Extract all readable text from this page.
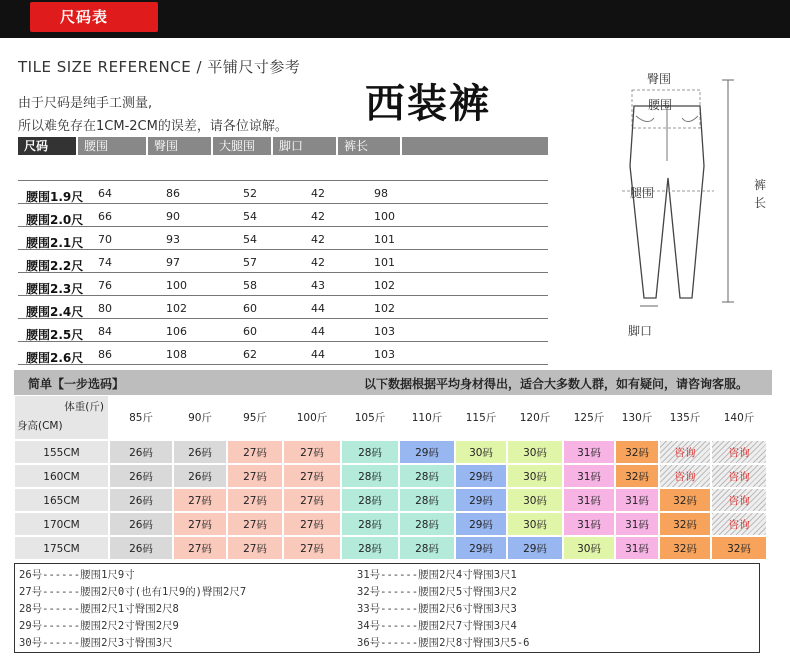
尺码表
TILE SIZE REFERENCE / 平铺尺寸参考
西装裤
由于尺码是纯手工测量,
所以难免存在1CM-2CM的误差，请各位谅解。
尺码	腰围	臀围	大腿围	脚口	裤长
腰围1.9尺 64	86	52	42	98
腰围2.0尺 66	90	54	42	100
腰围2.1尺 70	93	54	42	101
腰围2.2尺 74	97	57	42	101
腰围2.3尺 76	100	58	43	102
腰围2.4尺 80	102	60	44	102
腰围2.5尺 84	106	60	44	103
腰围2.6尺 86	108	62	44	103
臀围
腰围
腿围
裤长
脚口
简单【一步选码】	以下数据根据平均身材得出，适合大多数人群，如有疑问，请咨询客服。
体重(斤)
身高(CM)
85斤	90斤	95斤	100斤	105斤	110斤	115斤	120斤	125斤	130斤	135斤	140斤
155CM	26码	26码	27码	27码	28码	29码	30码	30码	31码	32码	咨询	咨询
160CM	26码	26码	27码	27码	28码	28码	29码	30码	31码	32码	咨询	咨询
165CM	26码	27码	27码	27码	28码	28码	29码	30码	31码	31码	32码	咨询
170CM	26码	27码	27码	27码	28码	28码	29码	30码	31码	31码	32码	咨询
175CM	26码	27码	27码	27码	28码	28码	29码	29码	30码	31码	32码	32码
26号------腰围1尺9寸
27号------腰围2尺0寸(也有1尺9的)臀围2尺7
28号------腰围2尺1寸臀围2尺8
29号------腰围2尺2寸臀围2尺9
30号------腰围2尺3寸臀围3尺
31号------腰围2尺4寸臀围3尺1
32号------腰围2尺5寸臀围3尺2
33号------腰围2尺6寸臀围3尺3
34号------腰围2尺7寸臀围3尺4
36号------腰围2尺8寸臀围3尺5-6
